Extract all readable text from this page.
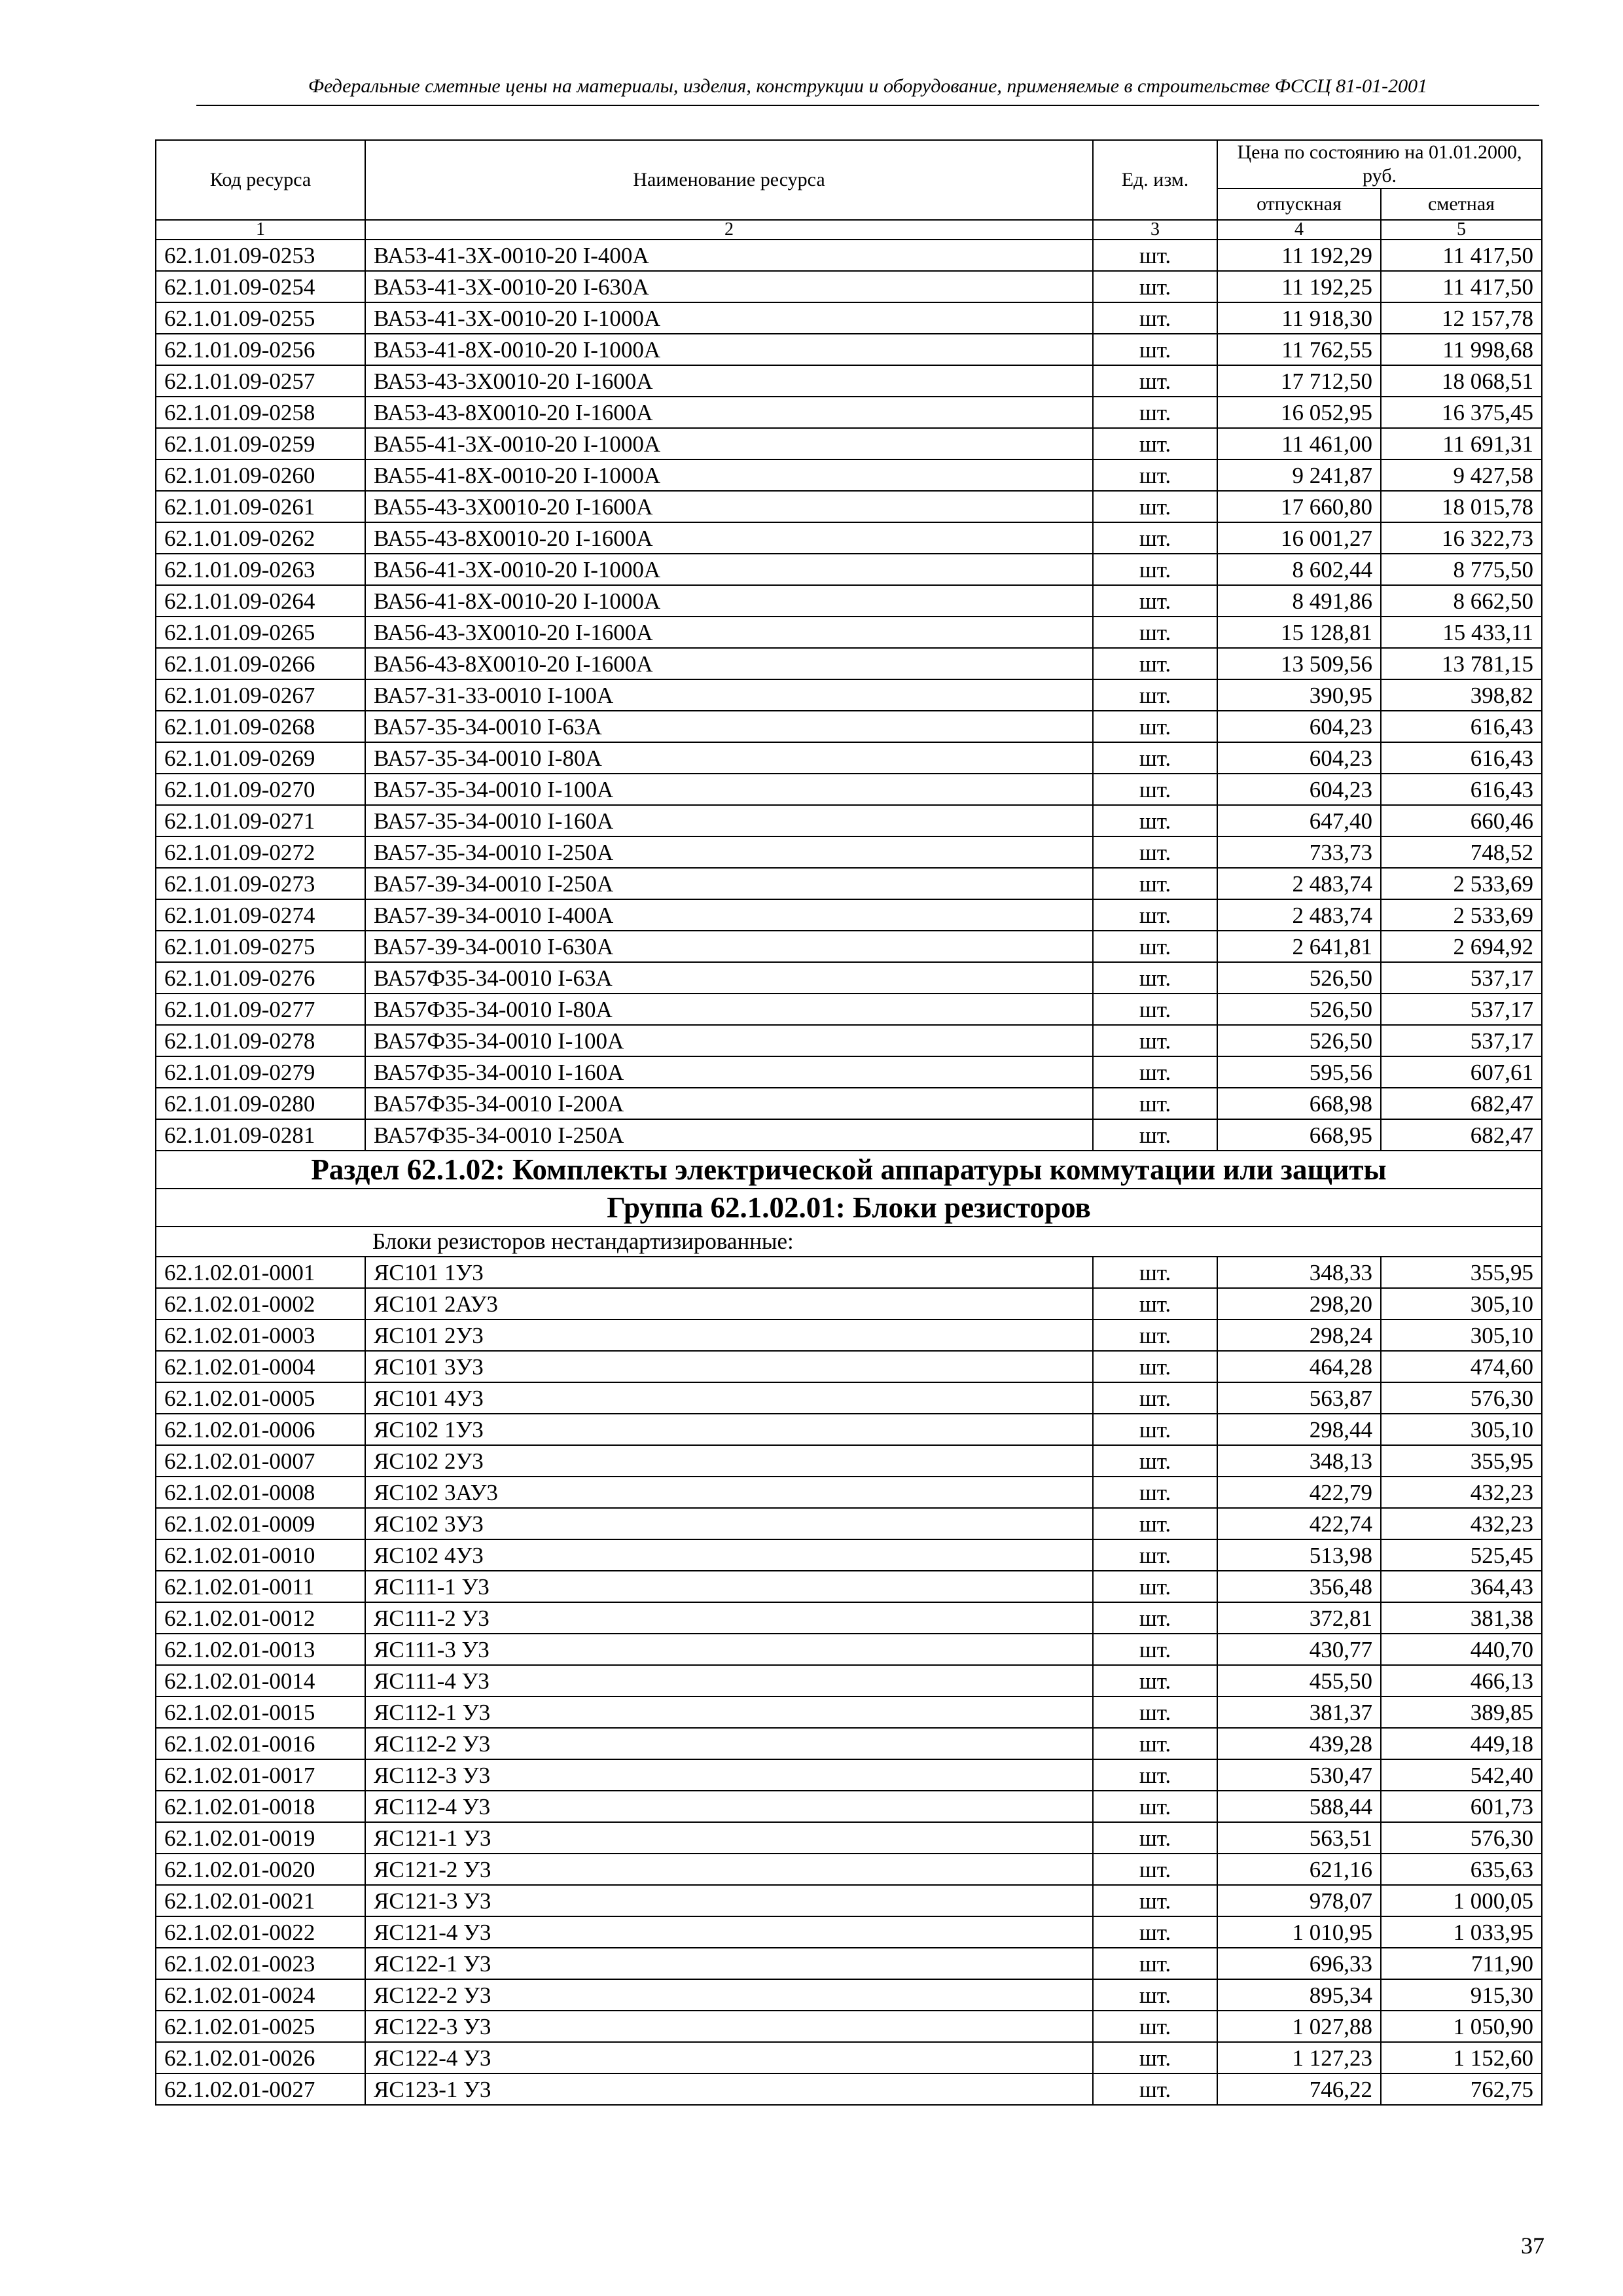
Федеральные сметные цены на материалы, изделия, конструкции и оборудование, применяемые в строительстве ФССЦ 81-01-2001
Код ресурса	Наименование ресурса	Ед. изм.	Цена по состоянию на 01.01.2000, руб.	
			отпускная	сметная
1	2	3	4	5
62.1.01.09-0253	ВА53-41-3Х-0010-20 I-400А	шт.	11 192,29	11 417,50
62.1.01.09-0254	ВА53-41-3Х-0010-20 I-630А	шт.	11 192,25	11 417,50
62.1.01.09-0255	ВА53-41-3Х-0010-20 I-1000А	шт.	11 918,30	12 157,78
62.1.01.09-0256	ВА53-41-8Х-0010-20 I-1000А	шт.	11 762,55	11 998,68
62.1.01.09-0257	ВА53-43-3Х0010-20 I-1600А	шт.	17 712,50	18 068,51
62.1.01.09-0258	ВА53-43-8Х0010-20 I-1600А	шт.	16 052,95	16 375,45
62.1.01.09-0259	ВА55-41-3Х-0010-20 I-1000А	шт.	11 461,00	11 691,31
62.1.01.09-0260	ВА55-41-8Х-0010-20 I-1000А	шт.	9 241,87	9 427,58
62.1.01.09-0261	ВА55-43-3Х0010-20 I-1600А	шт.	17 660,80	18 015,78
62.1.01.09-0262	ВА55-43-8Х0010-20 I-1600А	шт.	16 001,27	16 322,73
62.1.01.09-0263	ВА56-41-3Х-0010-20 I-1000А	шт.	8 602,44	8 775,50
62.1.01.09-0264	ВА56-41-8Х-0010-20 I-1000А	шт.	8 491,86	8 662,50
62.1.01.09-0265	ВА56-43-3Х0010-20 I-1600А	шт.	15 128,81	15 433,11
62.1.01.09-0266	ВА56-43-8Х0010-20 I-1600А	шт.	13 509,56	13 781,15
62.1.01.09-0267	ВА57-31-33-0010 I-100А	шт.	390,95	398,82
62.1.01.09-0268	ВА57-35-34-0010 I-63А	шт.	604,23	616,43
62.1.01.09-0269	ВА57-35-34-0010 I-80А	шт.	604,23	616,43
62.1.01.09-0270	ВА57-35-34-0010 I-100А	шт.	604,23	616,43
62.1.01.09-0271	ВА57-35-34-0010 I-160А	шт.	647,40	660,46
62.1.01.09-0272	ВА57-35-34-0010 I-250А	шт.	733,73	748,52
62.1.01.09-0273	ВА57-39-34-0010 I-250А	шт.	2 483,74	2 533,69
62.1.01.09-0274	ВА57-39-34-0010 I-400А	шт.	2 483,74	2 533,69
62.1.01.09-0275	ВА57-39-34-0010 I-630А	шт.	2 641,81	2 694,92
62.1.01.09-0276	ВА57Ф35-34-0010 I-63А	шт.	526,50	537,17
62.1.01.09-0277	ВА57Ф35-34-0010 I-80А	шт.	526,50	537,17
62.1.01.09-0278	ВА57Ф35-34-0010 I-100А	шт.	526,50	537,17
62.1.01.09-0279	ВА57Ф35-34-0010 I-160А	шт.	595,56	607,61
62.1.01.09-0280	ВА57Ф35-34-0010 I-200А	шт.	668,98	682,47
62.1.01.09-0281	ВА57Ф35-34-0010 I-250А	шт.	668,95	682,47
Раздел 62.1.02: Комплекты электрической аппаратуры коммутации или защиты				
Группа 62.1.02.01: Блоки резисторов				
Блоки резисторов нестандартизированные:				
62.1.02.01-0001	ЯС101 1У3	шт.	348,33	355,95
62.1.02.01-0002	ЯС101 2АУ3	шт.	298,20	305,10
62.1.02.01-0003	ЯС101 2У3	шт.	298,24	305,10
62.1.02.01-0004	ЯС101 3У3	шт.	464,28	474,60
62.1.02.01-0005	ЯС101 4У3	шт.	563,87	576,30
62.1.02.01-0006	ЯС102 1У3	шт.	298,44	305,10
62.1.02.01-0007	ЯС102 2У3	шт.	348,13	355,95
62.1.02.01-0008	ЯС102 3АУ3	шт.	422,79	432,23
62.1.02.01-0009	ЯС102 3У3	шт.	422,74	432,23
62.1.02.01-0010	ЯС102 4У3	шт.	513,98	525,45
62.1.02.01-0011	ЯС111-1 У3	шт.	356,48	364,43
62.1.02.01-0012	ЯС111-2 У3	шт.	372,81	381,38
62.1.02.01-0013	ЯС111-3 У3	шт.	430,77	440,70
62.1.02.01-0014	ЯС111-4 У3	шт.	455,50	466,13
62.1.02.01-0015	ЯС112-1 У3	шт.	381,37	389,85
62.1.02.01-0016	ЯС112-2 У3	шт.	439,28	449,18
62.1.02.01-0017	ЯС112-3 У3	шт.	530,47	542,40
62.1.02.01-0018	ЯС112-4 У3	шт.	588,44	601,73
62.1.02.01-0019	ЯС121-1 У3	шт.	563,51	576,30
62.1.02.01-0020	ЯС121-2 У3	шт.	621,16	635,63
62.1.02.01-0021	ЯС121-3 У3	шт.	978,07	1 000,05
62.1.02.01-0022	ЯС121-4 У3	шт.	1 010,95	1 033,95
62.1.02.01-0023	ЯС122-1 У3	шт.	696,33	711,90
62.1.02.01-0024	ЯС122-2 У3	шт.	895,34	915,30
62.1.02.01-0025	ЯС122-3 У3	шт.	1 027,88	1 050,90
62.1.02.01-0026	ЯС122-4 У3	шт.	1 127,23	1 152,60
62.1.02.01-0027	ЯС123-1 У3	шт.	746,22	762,75
37
